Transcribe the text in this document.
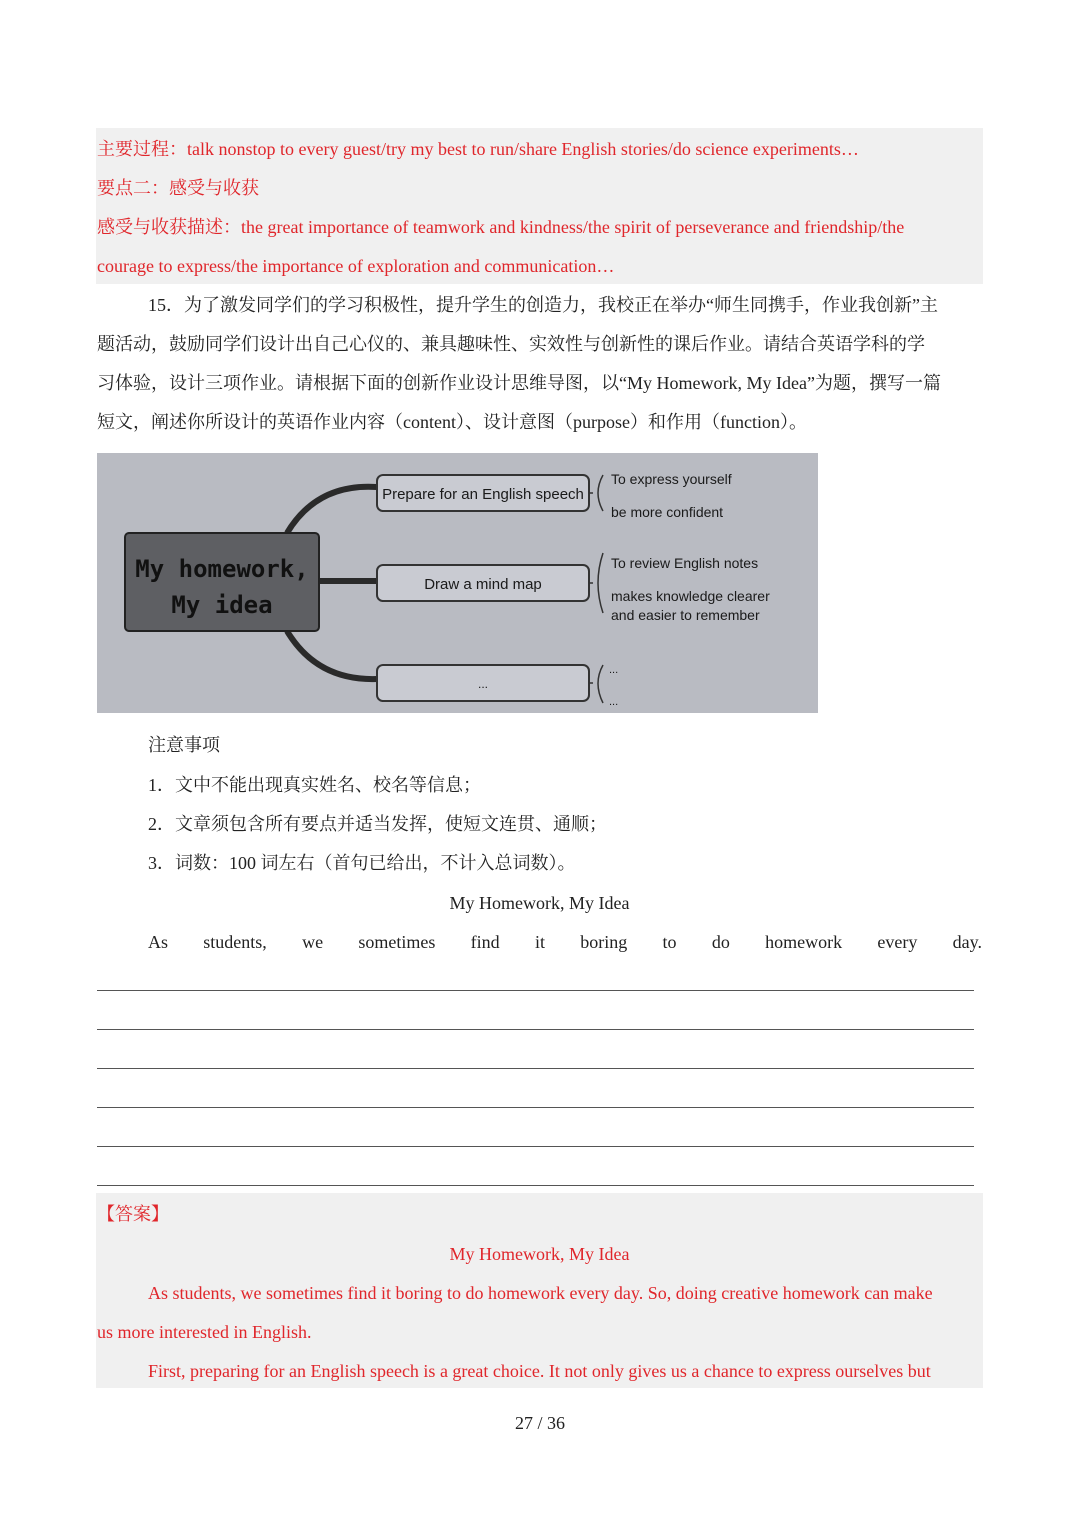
主要过程：talk nonstop to every guest/try my best to run/share English stories/do science experiments…
要点二：感受与收获
感受与收获描述：the great importance of teamwork and kindness/the spirit of perseverance and friendship/the
courage to express/the importance of exploration and communication…
15．为了激发同学们的学习积极性，提升学生的创造力，我校正在举办“师生同携手，作业我创新”主
题活动，鼓励同学们设计出自己心仪的、兼具趣味性、实效性与创新性的课后作业。请结合英语学科的学
习体验，设计三项作业。请根据下面的创新作业设计思维导图，以“My Homework, My Idea”为题，撰写一篇
短文，阐述你所设计的英语作业内容（content）、设计意图（purpose）和作用（function）。
My homework,
My idea
Prepare for an English speech
Draw a mind map
...
To express yourself
be more confident
To review English notes
makes knowledge clearer
and easier to remember
...
...
注意事项
1．文中不能出现真实姓名、校名等信息；
2．文章须包含所有要点并适当发挥，使短文连贯、通顺；
3．词数：100 词左右（首句已给出，不计入总词数）。
My Homework, My Idea
As students, we sometimes find it boring to do homework every day.
【答案】
My Homework, My Idea
As students, we sometimes find it boring to do homework every day. So, doing creative homework can make
us more interested in English.
First, preparing for an English speech is a great choice. It not only gives us a chance to express ourselves but
27 / 36
